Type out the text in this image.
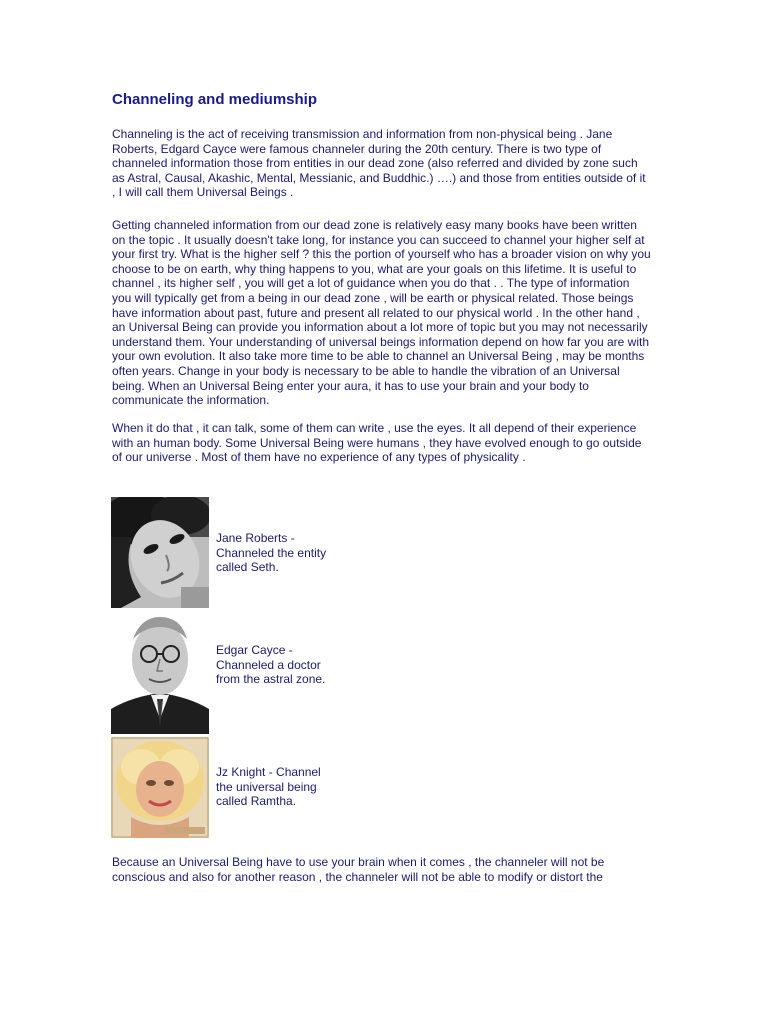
Channeling and mediumship

Channeling is the act of receiving transmission and information from non-physical being . Jane Roberts, Edgard Cayce were famous channeler during the 20th century. There is two type of channeled information those from entities in our dead zone (also referred and divided by zone such as Astral, Causal, Akashic, Mental, Messianic, and Buddhic.) ….) and those from entities outside of it , I will call them Universal Beings .

Getting channeled information from our dead zone is relatively easy many books have been written on the topic . It usually doesn't take long, for instance you can succeed to channel your higher self at your first try. What is the higher self ? this the portion of yourself who has a broader vision on why you choose to be on earth, why thing happens to you, what are your goals on this lifetime. It is useful to channel , its higher self , you will get a lot of guidance when you do that . . The type of information you will typically get from a being in our dead zone , will be earth or physical related. Those beings have information about past, future and present all related to our physical world . In the other hand , an Universal Being can provide you information about a lot more of topic but you may not necessarily understand them. Your understanding of universal beings information depend on how far you are with your own evolution. It also take more time to be able to channel an Universal Being , may be months often years. Change in your body is necessary to be able to handle the vibration of an Universal being. When an Universal Being enter your aura, it has to use your brain and your body to communicate the information.

When it do that , it can talk, some of them can write , use the eyes. It all depend of their experience with an human body. Some Universal Being were humans , they have evolved enough to go outside of our universe . Most of them have no experience of any types of physicality .

Jane Roberts - Channeled the entity called Seth.

Edgar Cayce - Channeled a doctor from the astral zone.

Jz Knight - Channel the universal being called Ramtha.

Because an Universal Being have to use your brain when it comes , the channeler will not be conscious and also for another reason , the channeler will not be able to modify or distort the
